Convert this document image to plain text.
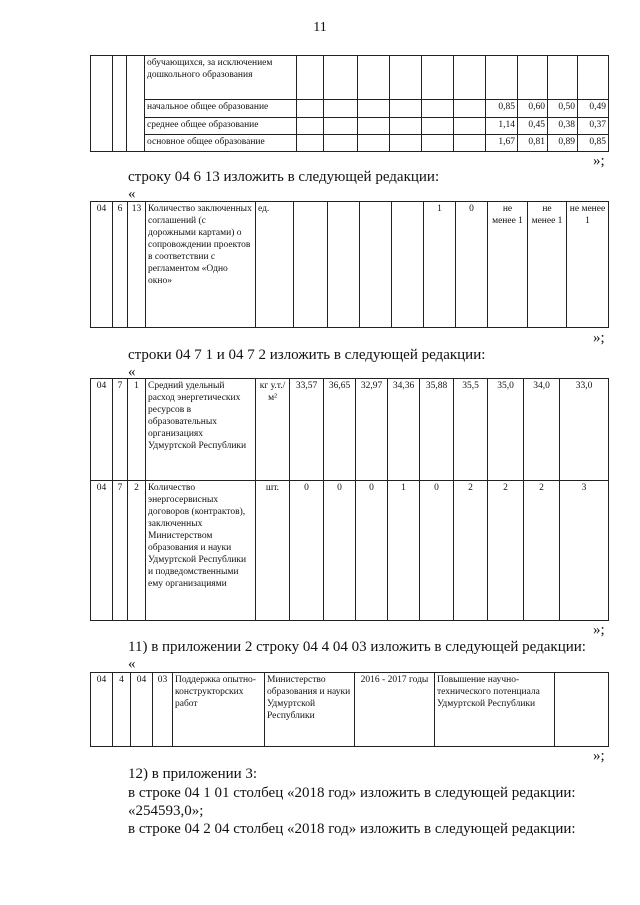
11
			обучающихся, за исключением дошкольного образования										
			начальное общее образование							0,85	0,60	0,50	0,49
			среднее общее образование							1,14	0,45	0,38	0,37
			основное общее образование							1,67	0,81	0,89	0,85
»;
строку 04 6 13 изложить в следующей редакции:
«
04	6	13	Количество заключенных соглашений (с дорожными картами) о сопровождении проектов в соответствии с регламентом «Одно окно»	ед.					1	0	не менее 1	не менее 1	не менее 1
»;
строки 04 7 1 и 04 7 2 изложить в следующей редакции:
«
04	7	1	Средний удельный расход энергетических ресурсов в образовательных организациях Удмуртской Республики	кг у.т./м²	33,57	36,65	32,97	34,36	35,88	35,5	35,0	34,0	33,0
04	7	2	Количество энергосервисных договоров (контрактов), заключенных Министерством образования и науки Удмуртской Республики и подведомственными ему организациями	шт.	0	0	0	1	0	2	2	2	3
»;
11) в приложении 2 строку 04 4 04 03 изложить в следующей редакции:
«
04	4	04	03	Поддержка опытно-конструкторских работ	Министерство образования и науки Удмуртской Республики	2016 - 2017 годы	Повышение научно-технического потенциала Удмуртской Республики	
»;
12) в приложении 3:
в строке 04 1 01 столбец «2018 год» изложить в следующей редакции:
«254593,0»;
в строке 04 2 04 столбец «2018 год» изложить в следующей редакции:
